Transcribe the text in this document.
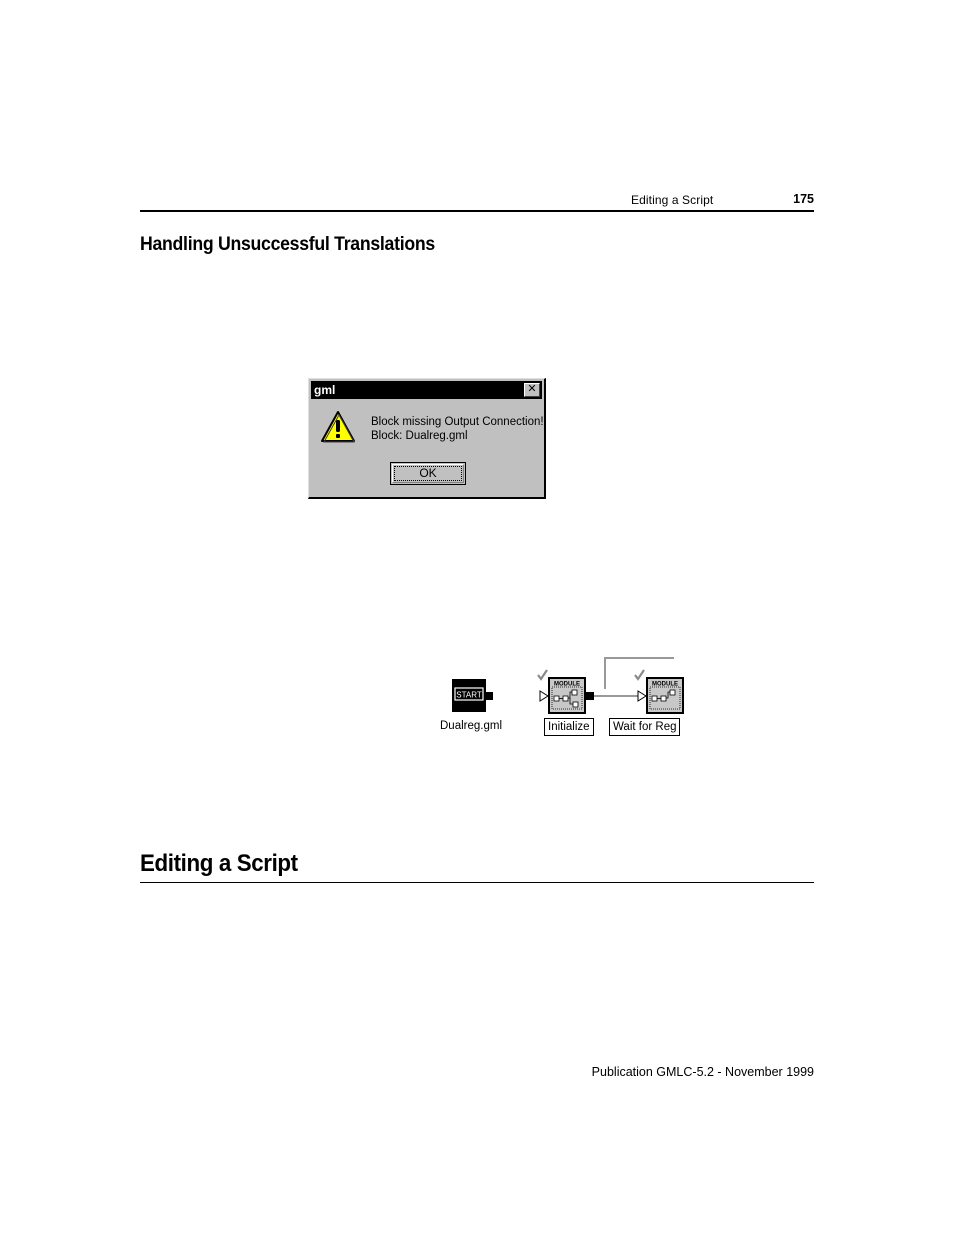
Editing a Script	175
Handling Unsuccessful Translations
gml	✕
Block missing Output Connection!
Block: Dualreg.gml
OK
START
MODULE	MODULE
Dualreg.gml	Initialize	Wait for Reg
Editing a Script
Publication GMLC-5.2 - November 1999
